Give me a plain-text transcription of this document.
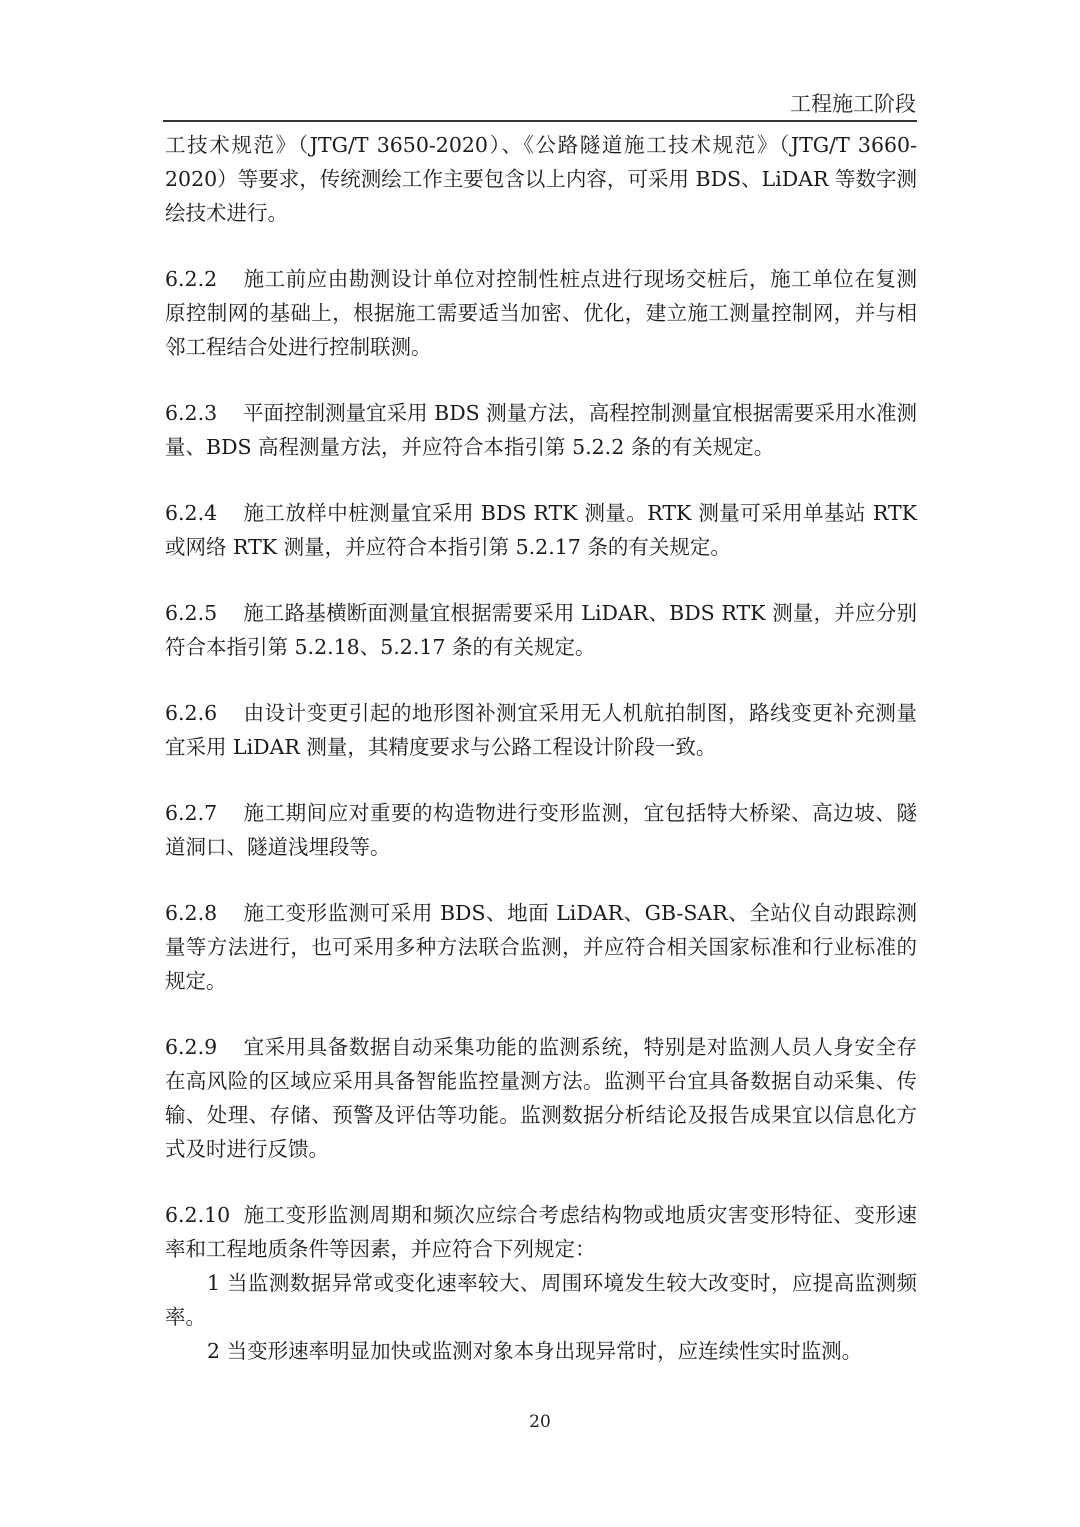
工程施工阶段

工技术规范》（JTG/T 3650-2020）、《公路隧道施工技术规范》（JTG/T 3660-2020）等要求，传统测绘工作主要包含以上内容，可采用 BDS、LiDAR 等数字测绘技术进行。

6.2.2 施工前应由勘测设计单位对控制性桩点进行现场交桩后，施工单位在复测原控制网的基础上，根据施工需要适当加密、优化，建立施工测量控制网，并与相邻工程结合处进行控制联测。
6.2.3 平面控制测量宜采用 BDS 测量方法，高程控制测量宜根据需要采用水准测量、BDS 高程测量方法，并应符合本指引第 5.2.2 条的有关规定。
6.2.4 施工放样中桩测量宜采用 BDS RTK 测量。RTK 测量可采用单基站 RTK 或网络 RTK 测量，并应符合本指引第 5.2.17 条的有关规定。
6.2.5 施工路基横断面测量宜根据需要采用 LiDAR、BDS RTK 测量，并应分别符合本指引第 5.2.18、5.2.17 条的有关规定。
6.2.6 由设计变更引起的地形图补测宜采用无人机航拍制图，路线变更补充测量宜采用 LiDAR 测量，其精度要求与公路工程设计阶段一致。
6.2.7 施工期间应对重要的构造物进行变形监测，宜包括特大桥梁、高边坡、隧道洞口、隧道浅埋段等。
6.2.8 施工变形监测可采用 BDS、地面 LiDAR、GB-SAR、全站仪自动跟踪测量等方法进行，也可采用多种方法联合监测，并应符合相关国家标准和行业标准的规定。
6.2.9 宜采用具备数据自动采集功能的监测系统，特别是对监测人员人身安全存在高风险的区域应采用具备智能监控量测方法。监测平台宜具备数据自动采集、传输、处理、存储、预警及评估等功能。监测数据分析结论及报告成果宜以信息化方式及时进行反馈。
6.2.10 施工变形监测周期和频次应综合考虑结构物或地质灾害变形特征、变形速率和工程地质条件等因素，并应符合下列规定：

1 当监测数据异常或变化速率较大、周围环境发生较大改变时，应提高监测频率。

2 当变形速率明显加快或监测对象本身出现异常时，应连续性实时监测。

20
